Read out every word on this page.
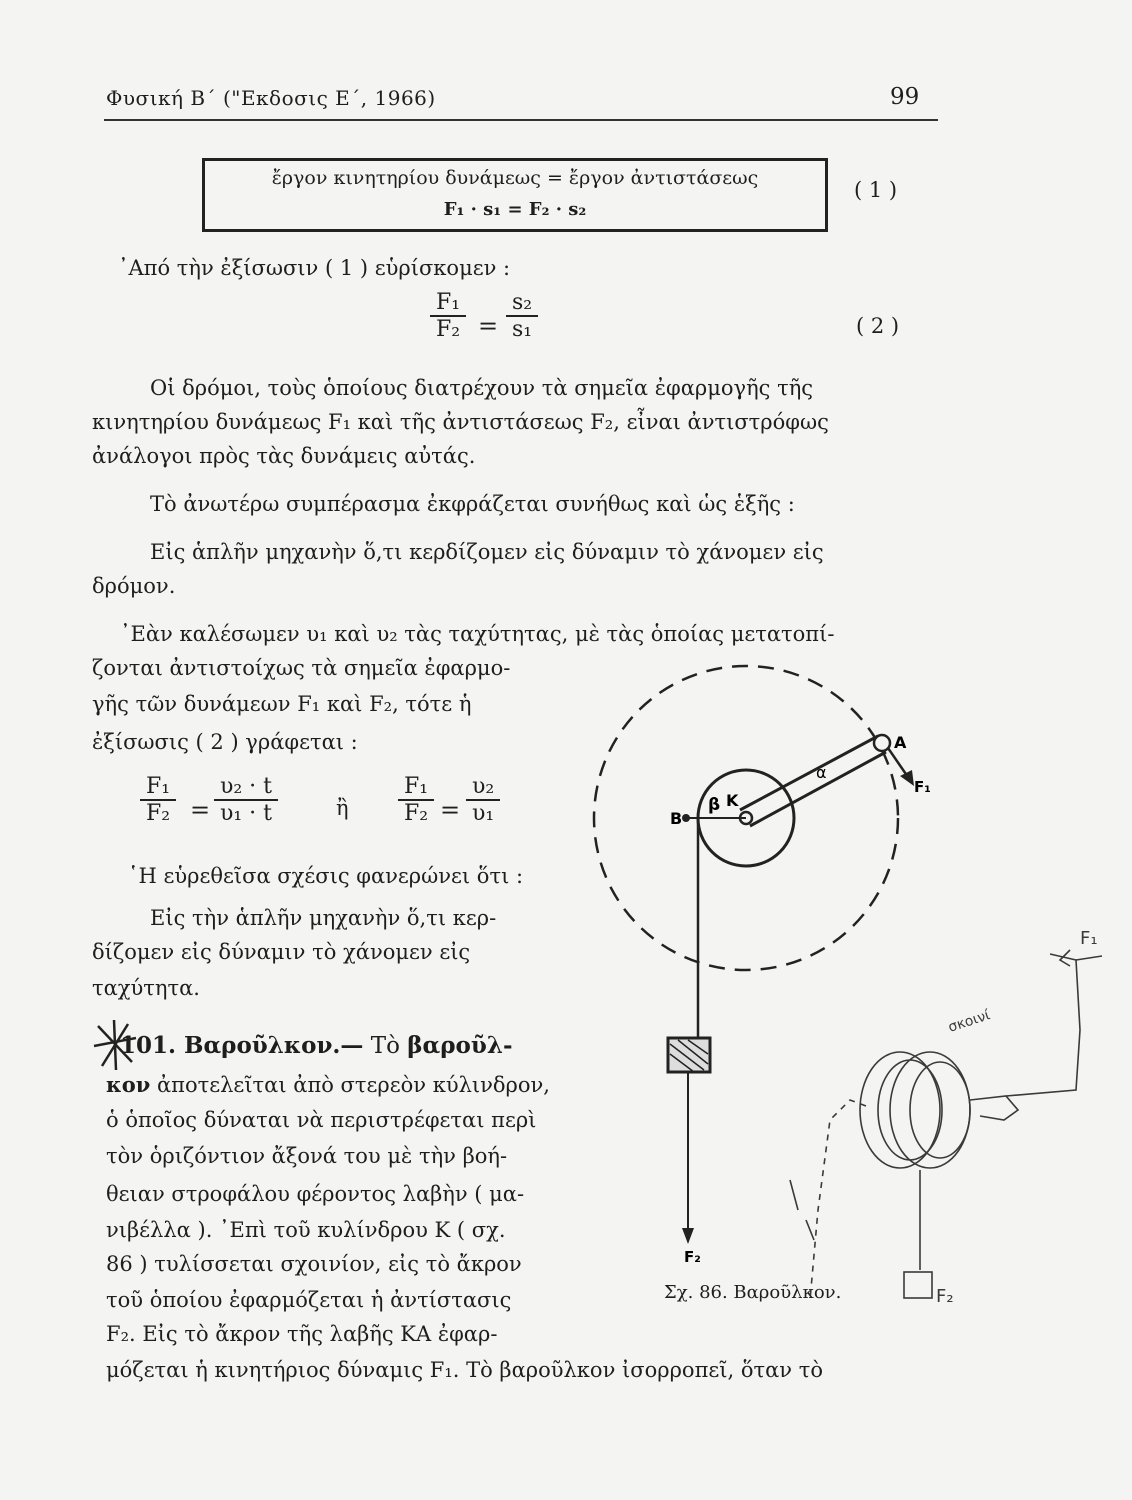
Φυσική Β΄ ("Εκδοσις Ε΄, 1966)	99
ἔργον κινητηρίου δυνάμεως = ἔργον ἀντιστάσεως
F₁ · s₁ = F₂ · s₂
( 1 )
᾿Από τὴν ἐξίσωσιν ( 1 ) εὑρίσκομεν :
F₁
F₂ =
s₂
s₁	( 2 )
Οἱ δρόμοι, τοὺς ὁποίους διατρέχουν τὰ σημεῖα ἐφαρμογῆς τῆς
κινητηρίου δυνάμεως F₁ καὶ τῆς ἀντιστάσεως F₂, εἶναι ἀντιστρόφως
ἀνάλογοι πρὸς τὰς δυνάμεις αὐτάς.
Τὸ ἀνωτέρω συμπέρασμα ἐκφράζεται συνήθως καὶ ὡς ἑξῆς :
Εἰς ἁπλῆν μηχανὴν ὅ,τι κερδίζομεν εἰς δύναμιν τὸ χάνομεν εἰς
δρόμον.
᾿Εὰν καλέσωμεν υ₁ καὶ υ₂ τὰς ταχύτητας, μὲ τὰς ὁποίας μετατοπί-
ζονται ἀντιστοίχως τὰ σημεῖα ἐφαρμο-
γῆς τῶν δυνάμεων F₁ καὶ F₂, τότε ἡ
ἐξίσωσις ( 2 ) γράφεται :
F₁
F₂ =
υ₂ · t
υ₁ · t	ἢ
F₁
F₂ =
υ₂
υ₁
῾Η εὑρεθεῖσα σχέσις φανερώνει ὅτι :
Εἰς τὴν ἁπλῆν μηχανὴν ὅ,τι κερ-
δίζομεν εἰς δύναμιν τὸ χάνομεν εἰς
ταχύτητα.
101. Βαροῦλκον.— Τὸ βαροῦλ-
κον ἀποτελεῖται ἀπὸ στερεὸν κύλινδρον,
ὁ ὁποῖος δύναται νὰ περιστρέφεται περὶ
τὸν ὁριζόντιον ἄξονά του μὲ τὴν βοή-
θειαν στροφάλου φέροντος λαβὴν ( μα-
νιβέλλα ). ᾿Επὶ τοῦ κυλίνδρου Κ ( σχ.
86 ) τυλίσσεται σχοινίον, εἰς τὸ ἄκρον
τοῦ ὁποίου ἐφαρμόζεται ἡ ἀντίστασις
F₂. Εἰς τὸ ἄκρον τῆς λαβῆς ΚΑ ἐφαρ-
μόζεται ἡ κινητήριος δύναμις F₁. Τὸ βαροῦλκον ἰσορροπεῖ, ὅταν τὸ
A
B
β K
α
F₁
F₂
Σχ. 86. Βαροῦλκον.
F₁
σκοινί
F₂
